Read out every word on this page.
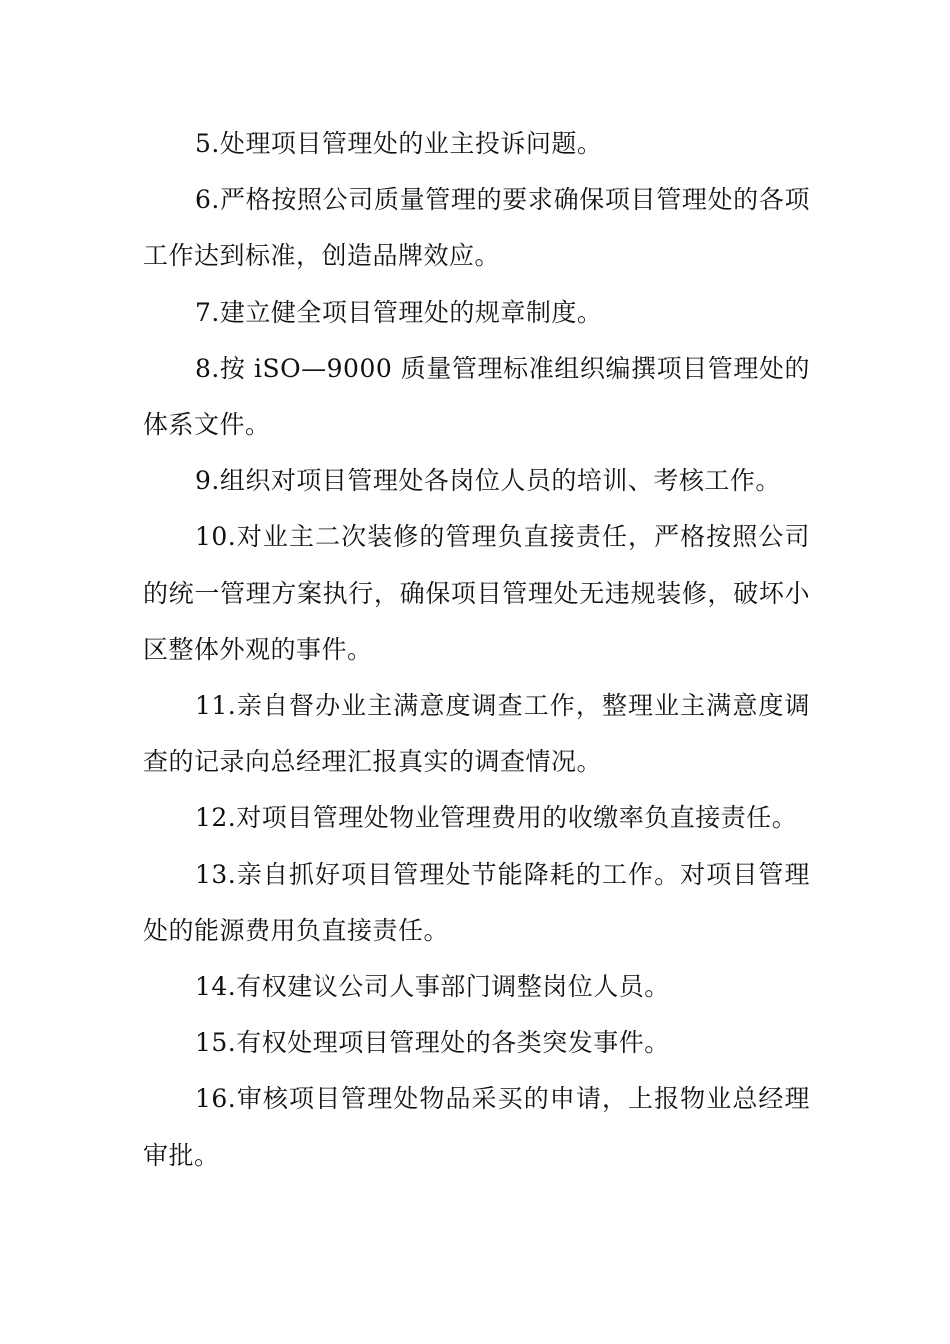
5.处理项目管理处的业主投诉问题。

6.严格按照公司质量管理的要求确保项目管理处的各项工作达到标准，创造品牌效应。

7.建立健全项目管理处的规章制度。

8.按 iSO—9000 质量管理标准组织编撰项目管理处的体系文件。

9.组织对项目管理处各岗位人员的培训、考核工作。

10.对业主二次装修的管理负直接责任，严格按照公司的统一管理方案执行，确保项目管理处无违规装修，破坏小区整体外观的事件。

11.亲自督办业主满意度调查工作，整理业主满意度调查的记录向总经理汇报真实的调查情况。

12.对项目管理处物业管理费用的收缴率负直接责任。

13.亲自抓好项目管理处节能降耗的工作。对项目管理处的能源费用负直接责任。

14.有权建议公司人事部门调整岗位人员。

15.有权处理项目管理处的各类突发事件。

16.审核项目管理处物品采买的申请，上报物业总经理审批。
